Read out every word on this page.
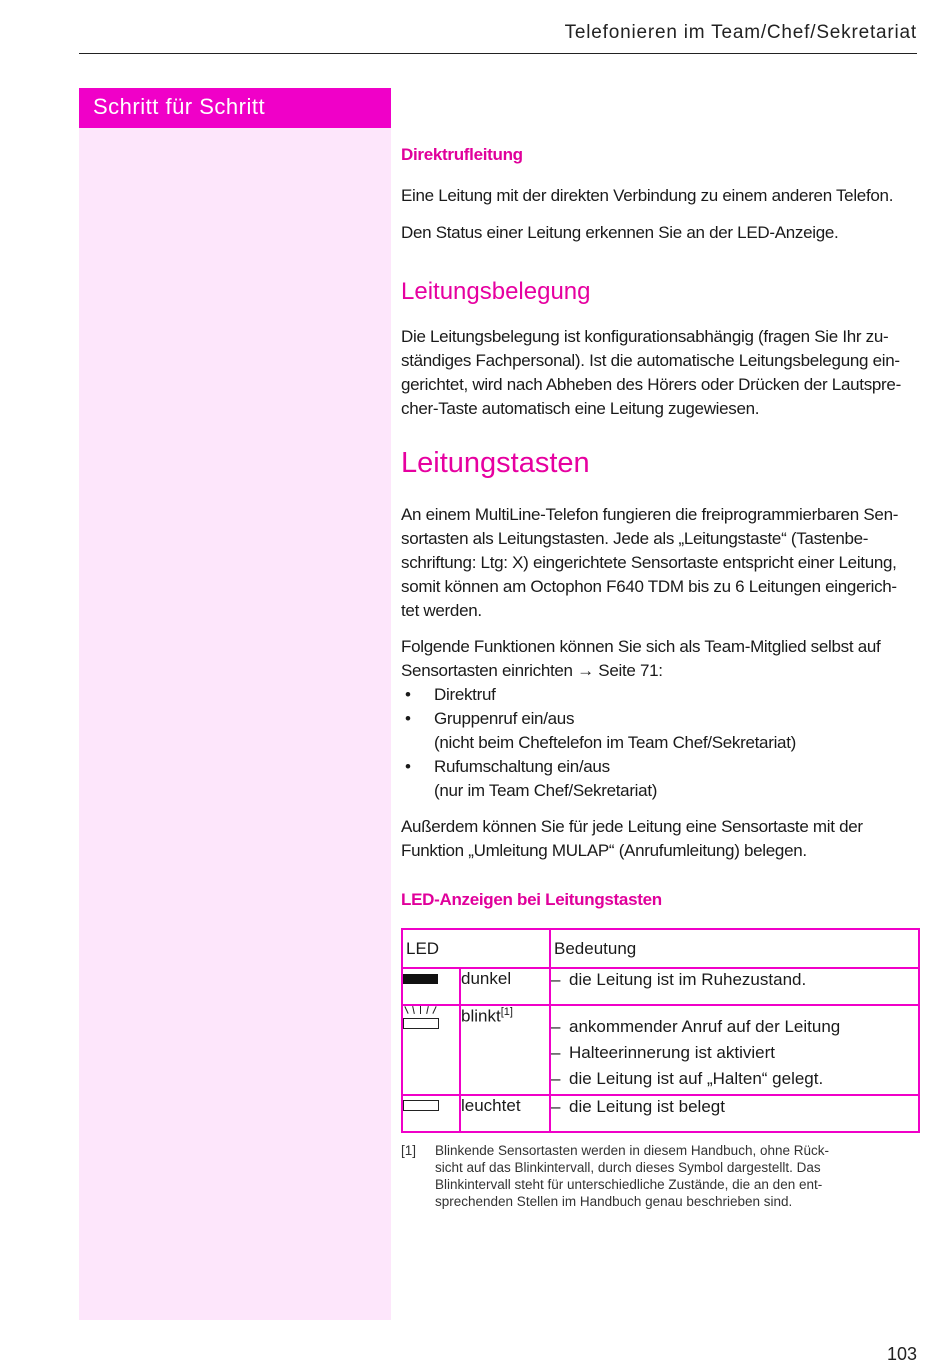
Telefonieren im Team/Chef/Sekretariat
Schritt für Schritt
Direktrufleitung
Eine Leitung mit der direkten Verbindung zu einem anderen Telefon.
Den Status einer Leitung erkennen Sie an der LED-Anzeige.
Leitungsbelegung
Die Leitungsbelegung ist konfigurationsabhängig (fragen Sie Ihr zu-
ständiges Fachpersonal). Ist die automatische Leitungsbelegung ein-
gerichtet, wird nach Abheben des Hörers oder Drücken der Lautspre-
cher-Taste automatisch eine Leitung zugewiesen.
Leitungstasten
An einem MultiLine-Telefon fungieren die freiprogrammierbaren Sen-
sortasten als Leitungstasten. Jede als „Leitungstaste“ (Tastenbe-
schriftung: Ltg: X) eingerichtete Sensortaste entspricht einer Leitung,
somit können am Octophon F640 TDM bis zu 6 Leitungen eingerich-
tet werden.
Folgende Funktionen können Sie sich als Team-Mitglied selbst auf
Sensortasten einrichten → Seite 71:
• Direktruf
• Gruppenruf ein/aus
(nicht beim Cheftelefon im Team Chef/Sekretariat)
• Rufumschaltung ein/aus
(nur im Team Chef/Sekretariat)
Außerdem können Sie für jede Leitung eine Sensortaste mit der
Funktion „Umleitung MULAP“ (Anrufumleitung) belegen.
LED-Anzeigen bei Leitungstasten
LED		Bedeutung
	dunkel	– die Leitung ist im Ruhezustand.

	blinkt[1]	– ankommender Anruf auf der Leitung
– Halteerinnerung ist aktiviert
– die Leitung ist auf „Halten“ gelegt.

	leuchtet	– die Leitung ist belegt
[1] Blinkende Sensortasten werden in diesem Handbuch, ohne Rück-
sicht auf das Blinkintervall, durch dieses Symbol dargestellt. Das
Blinkintervall steht für unterschiedliche Zustände, die an den ent-
sprechenden Stellen im Handbuch genau beschrieben sind.
103
